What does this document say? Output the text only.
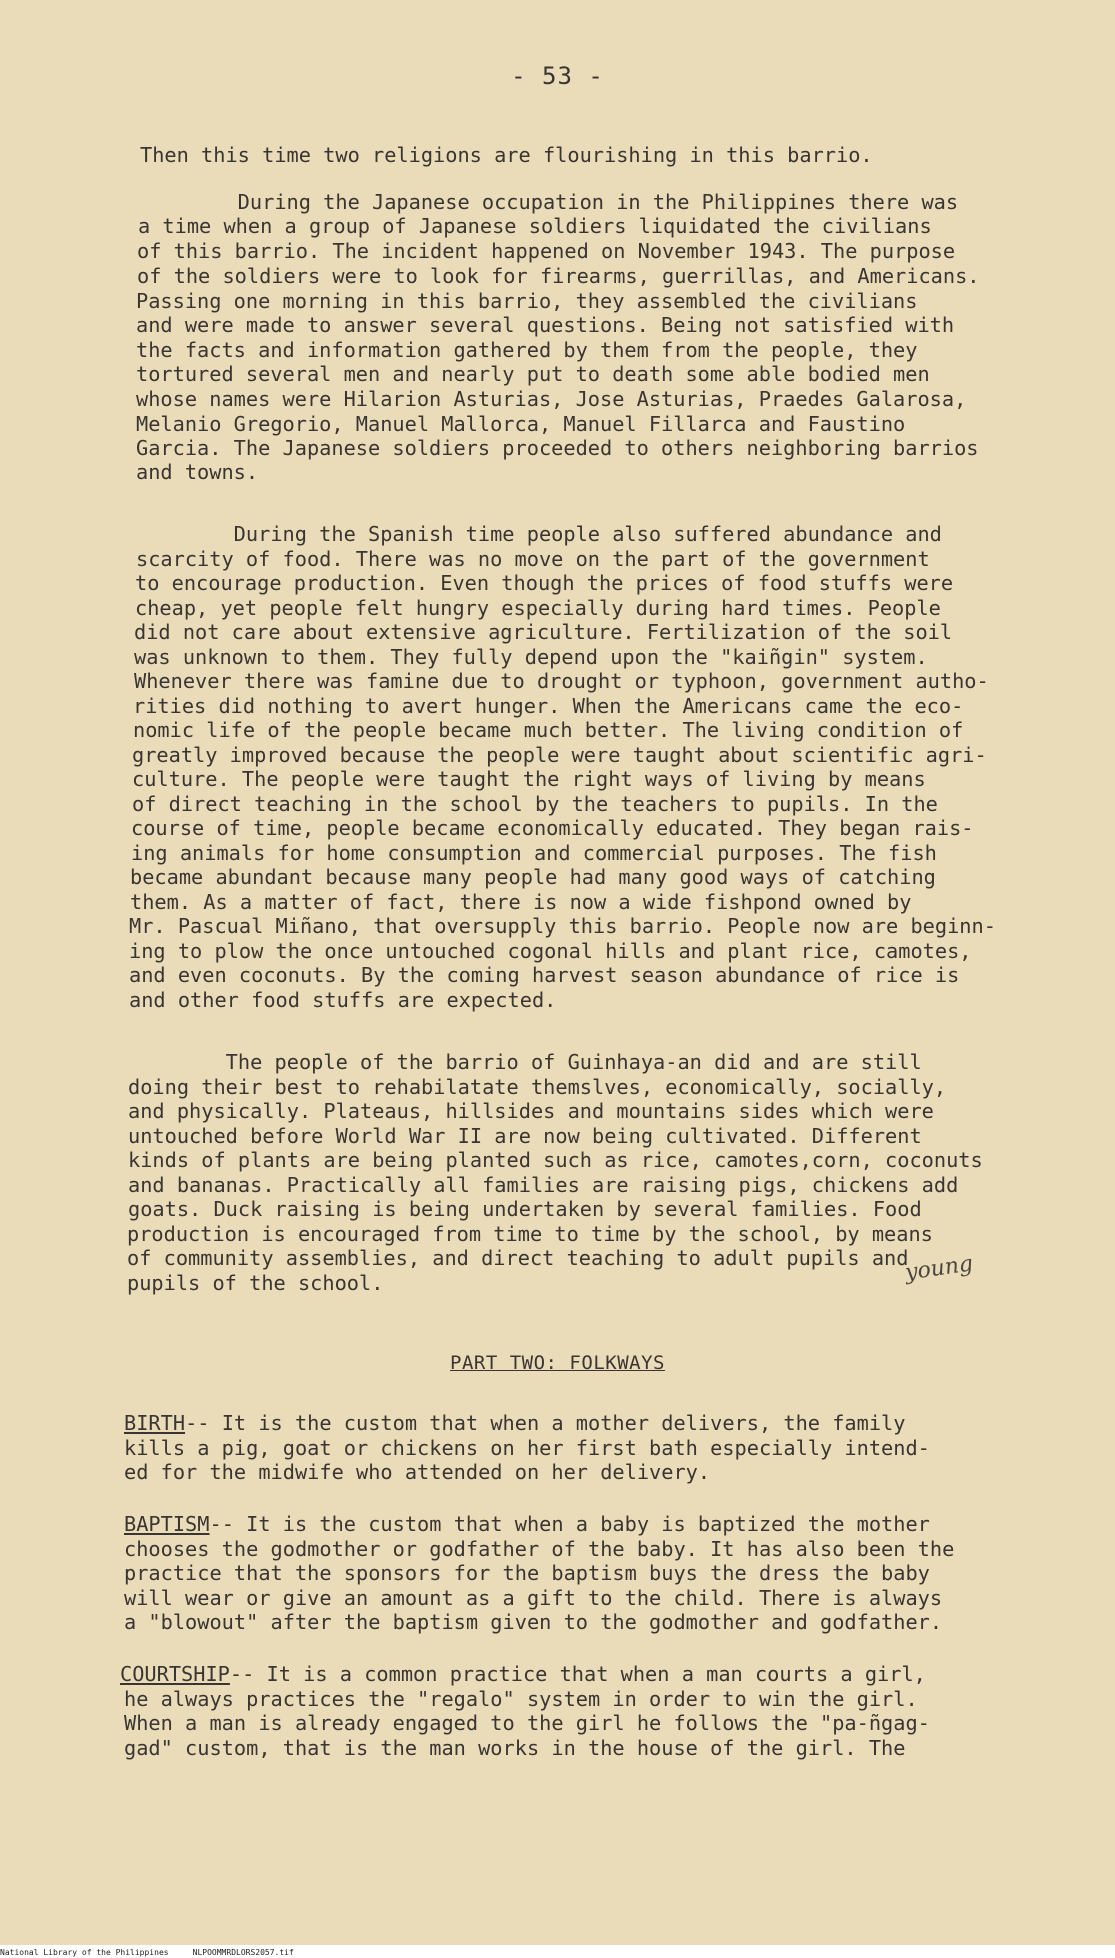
- 53 -
Then this time two religions are flourishing in this barrio.
During the Japanese occupation in the Philippines there was
a time when a group of Japanese soldiers liquidated the civilians
of this barrio. The incident happened on November 1943. The purpose
of the soldiers were to look for firearms, guerrillas, and Americans.
Passing one morning in this barrio, they assembled the civilians
and were made to answer several questions. Being not satisfied with
the facts and information gathered by them from the people, they
tortured several men and nearly put to death some able bodied men
whose names were Hilarion Asturias, Jose Asturias, Praedes Galarosa,
Melanio Gregorio, Manuel Mallorca, Manuel Fillarca and Faustino
Garcia. The Japanese soldiers proceeded to others neighboring barrios
and towns.
During the Spanish time people also suffered abundance and
scarcity of food. There was no move on the part of the government
to encourage production. Even though the prices of food stuffs were
cheap, yet people felt hungry especially during hard times. People
did not care about extensive agriculture. Fertilization of the soil
was unknown to them. They fully depend upon the "kaiñgin" system.
Whenever there was famine due to drought or typhoon, government autho-
rities did nothing to avert hunger. When the Americans came the eco-
nomic life of the people became much better. The living condition of
greatly improved because the people were taught about scientific agri-
culture. The people were taught the right ways of living by means
of direct teaching in the school by the teachers to pupils. In the
course of time, people became economically educated. They began rais-
ing animals for home consumption and commercial purposes. The fish
became abundant because many people had many good ways of catching
them. As a matter of fact, there is now a wide fishpond owned by
Mr. Pascual Miñano, that oversupply this barrio. People now are beginn-
ing to plow the once untouched cogonal hills and plant rice, camotes,
and even coconuts. By the coming harvest season abundance of rice is
and other food stuffs are expected.
The people of the barrio of Guinhaya-an did and are still
doing their best to rehabilatate themslves, economically, socially,
and physically. Plateaus, hillsides and mountains sides which were
untouched before World War II are now being cultivated. Different
kinds of plants are being planted such as rice, camotes,corn, coconuts
and bananas. Practically all families are raising pigs, chickens add
goats. Duck raising is being undertaken by several families. Food
production is encouraged from time to time by the school, by means
of community assemblies, and direct teaching to adult pupils and
pupils of the school.	young
PART TWO: FOLKWAYS
BIRTH-- It is the custom that when a mother delivers, the family
kills a pig, goat or chickens on her first bath especially intend-
ed for the midwife who attended on her delivery.
BAPTISM-- It is the custom that when a baby is baptized the mother
chooses the godmother or godfather of the baby. It has also been the
practice that the sponsors for the baptism buys the dress the baby
will wear or give an amount as a gift to the child. There is always
a "blowout" after the baptism given to the godmother and godfather.
COURTSHIP-- It is a common practice that when a man courts a girl,
he always practices the "regalo" system in order to win the girl.
When a man is already engaged to the girl he follows the "pa-ñgag-
gad" custom, that is the man works in the house of the girl. The
National Library of the Philippines     NLPOOMMRDLORS2057.tif
